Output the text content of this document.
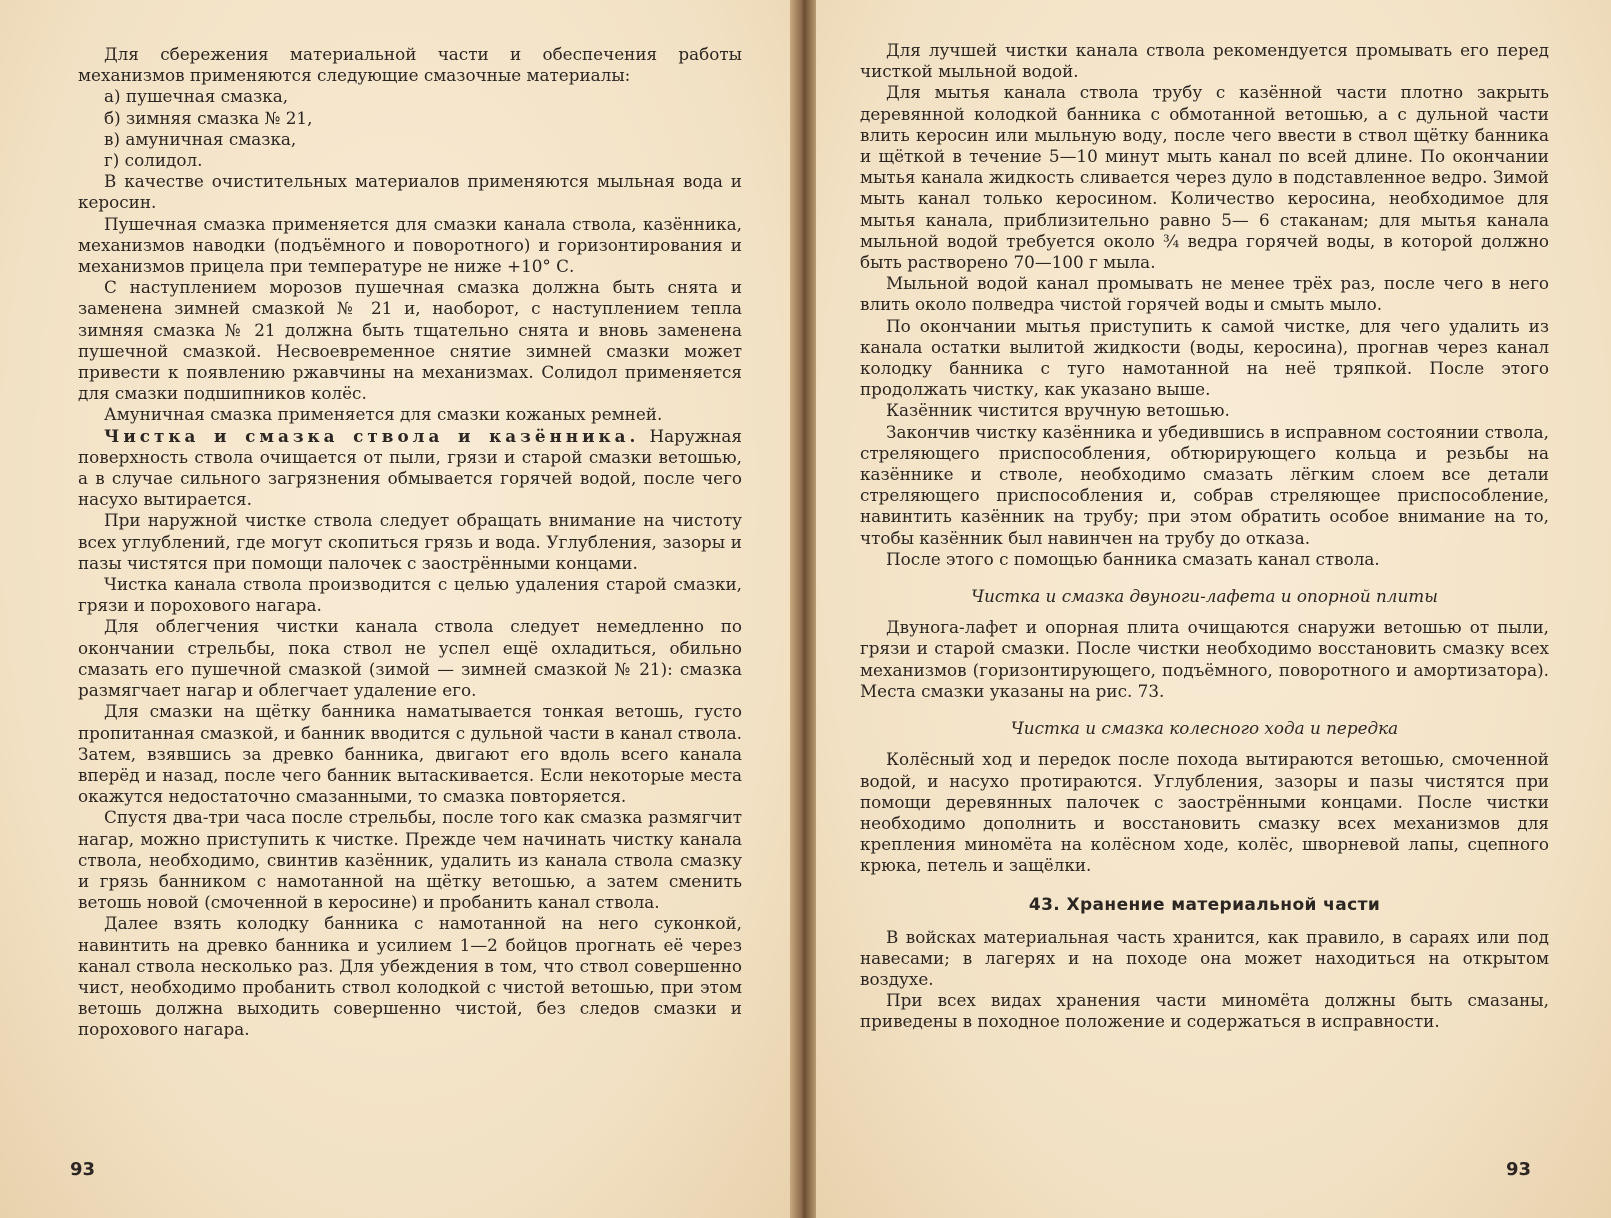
Для сбережения материальной части и обеспечения работы механизмов применяются следующие смазочные материалы:

а) пушечная смазка,

б) зимняя смазка № 21,

в) амуничная смазка,

г) солидол.

В качестве очистительных материалов применяются мыльная вода и керосин.

Пушечная смазка применяется для смазки канала ствола, казённика, механизмов наводки (подъёмного и поворотного) и горизонтирования и механизмов прицела при температуре не ниже +10° С.

С наступлением морозов пушечная смазка должна быть снята и заменена зимней смазкой № 21 и, наоборот, с наступлением тепла зимняя смазка № 21 должна быть тщательно снята и вновь заменена пушечной смазкой. Несвоевременное снятие зимней смазки может привести к появлению ржавчины на механизмах. Солидол применяется для смазки подшипников колёс.

Амуничная смазка применяется для смазки кожаных ремней.

Чистка и смазка ствола и казённика. Наружная поверхность ствола очищается от пыли, грязи и старой смазки ветошью, а в случае сильного загрязнения обмывается горячей водой, после чего насухо вытирается.

При наружной чистке ствола следует обращать внимание на чистоту всех углублений, где могут скопиться грязь и вода. Углубления, зазоры и пазы чистятся при помощи палочек с заострёнными концами.

Чистка канала ствола производится с целью удаления старой смазки, грязи и порохового нагара.

Для облегчения чистки канала ствола следует немедленно по окончании стрельбы, пока ствол не успел ещё охладиться, обильно смазать его пушечной смазкой (зимой — зимней смазкой № 21): смазка размягчает нагар и облегчает удаление его.

Для смазки на щётку банника наматывается тонкая ветошь, густо пропитанная смазкой, и банник вводится с дульной части в канал ствола. Затем, взявшись за древко банника, двигают его вдоль всего канала вперёд и назад, после чего банник вытаскивается. Если некоторые места окажутся недостаточно смазанными, то смазка повторяется.

Спустя два-три часа после стрельбы, после того как смазка размягчит нагар, можно приступить к чистке. Прежде чем начинать чистку канала ствола, необходимо, свинтив казённик, удалить из канала ствола смазку и грязь банником с намотанной на щётку ветошью, а затем сменить ветошь новой (смоченной в керосине) и пробанить канал ствола.

Далее взять колодку банника с намотанной на него суконкой, навинтить на древко банника и усилием 1—2 бойцов прогнать её через канал ствола несколько раз. Для убеждения в том, что ствол совершенно чист, необходимо пробанить ствол колодкой с чистой ветошью, при этом ветошь должна выходить совершенно чистой, без следов смазки и порохового нагара.

93

Для лучшей чистки канала ствола рекомендуется промывать его перед чисткой мыльной водой.

Для мытья канала ствола трубу с казённой части плотно закрыть деревянной колодкой банника с обмотанной ветошью, а с дульной части влить керосин или мыльную воду, после чего ввести в ствол щётку банника и щёткой в течение 5—10 минут мыть канал по всей длине. По окончании мытья канала жидкость сливается через дуло в подставленное ведро. Зимой мыть канал только керосином. Количество керосина, необходимое для мытья канала, приблизительно равно 5— 6 стаканам; для мытья канала мыльной водой требуется около ¾ ведра горячей воды, в которой должно быть растворено 70—100 г мыла.

Мыльной водой канал промывать не менее трёх раз, после чего в него влить около полведра чистой горячей воды и смыть мыло.

По окончании мытья приступить к самой чистке, для чего удалить из канала остатки вылитой жидкости (воды, керосина), прогнав через канал колодку банника с туго намотанной на неё тряпкой. После этого продолжать чистку, как указано выше.

Казённик чистится вручную ветошью.

Закончив чистку казённика и убедившись в исправном состоянии ствола, стреляющего приспособления, обтюрирующего кольца и резьбы на казённике и стволе, необходимо смазать лёгким слоем все детали стреляющего приспособления и, собрав стреляющее приспособление, навинтить казённик на трубу; при этом обратить особое внимание на то, чтобы казённик был навинчен на трубу до отказа.

После этого с помощью банника смазать канал ствола.

Чистка и смазка двуноги-лафета и опорной плиты

Двунога-лафет и опорная плита очищаются снаружи ветошью от пыли, грязи и старой смазки. После чистки необходимо восстановить смазку всех механизмов (горизонтирующего, подъёмного, поворотного и амортизатора). Места смазки указаны на рис. 73.

Чистка и смазка колесного хода и передка

Колёсный ход и передок после похода вытираются ветошью, смоченной водой, и насухо протираются. Углубления, зазоры и пазы чистятся при помощи деревянных палочек с заострёнными концами. После чистки необходимо дополнить и восстановить смазку всех механизмов для крепления миномёта на колёсном ходе, колёс, шворневой лапы, сцепного крюка, петель и защёлки.

43. Хранение материальной части

В войсках материальная часть хранится, как правило, в сараях или под навесами; в лагерях и на походе она может находиться на открытом воздухе.

При всех видах хранения части миномёта должны быть смазаны, приведены в походное положение и содержаться в исправности.

93
